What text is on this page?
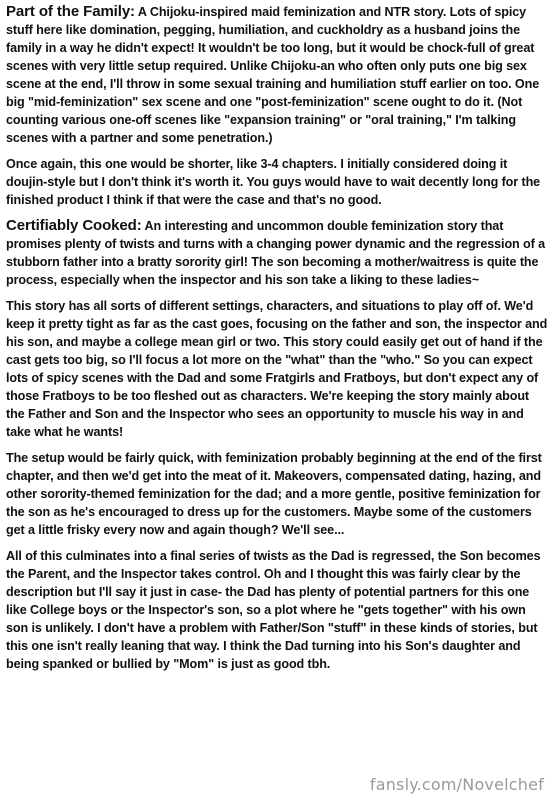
Part of the Family: A Chijoku-inspired maid feminization and NTR story. Lots of spicy stuff here like domination, pegging, humiliation, and cuckholdry as a husband joins the family in a way he didn't expect! It wouldn't be too long, but it would be chock-full of great scenes with very little setup required. Unlike Chijoku-an who often only puts one big sex scene at the end, I'll throw in some sexual training and humiliation stuff earlier on too. One big "mid-feminization" sex scene and one "post-feminization" scene ought to do it. (Not counting various one-off scenes like "expansion training" or "oral training," I'm talking scenes with a partner and some penetration.)

Once again, this one would be shorter, like 3-4 chapters. I initially considered doing it doujin-style but I don't think it's worth it. You guys would have to wait decently long for the finished product I think if that were the case and that's no good.

Certifiably Cooked: An interesting and uncommon double feminization story that promises plenty of twists and turns with a changing power dynamic and the regression of a stubborn father into a bratty sorority girl! The son becoming a mother/waitress is quite the process, especially when the inspector and his son take a liking to these ladies~

This story has all sorts of different settings, characters, and situations to play off of. We'd keep it pretty tight as far as the cast goes, focusing on the father and son, the inspector and his son, and maybe a college mean girl or two. This story could easily get out of hand if the cast gets too big, so I'll focus a lot more on the "what" than the "who." So you can expect lots of spicy scenes with the Dad and some Fratgirls and Fratboys, but don't expect any of those Fratboys to be too fleshed out as characters. We're keeping the story mainly about the Father and Son and the Inspector who sees an opportunity to muscle his way in and take what he wants!

The setup would be fairly quick, with feminization probably beginning at the end of the first chapter, and then we'd get into the meat of it. Makeovers, compensated dating, hazing, and other sorority-themed feminization for the dad; and a more gentle, positive feminization for the son as he's encouraged to dress up for the customers. Maybe some of the customers get a little frisky every now and again though? We'll see...

All of this culminates into a final series of twists as the Dad is regressed, the Son becomes the Parent, and the Inspector takes control. Oh and I thought this was fairly clear by the description but I'll say it just in case- the Dad has plenty of potential partners for this one like College boys or the Inspector's son, so a plot where he "gets together" with his own son is unlikely. I don't have a problem with Father/Son "stuff" in these kinds of stories, but this one isn't really leaning that way. I think the Dad turning into his Son's daughter and being spanked or bullied by "Mom" is just as good tbh.

fansly.com/Novelchef
